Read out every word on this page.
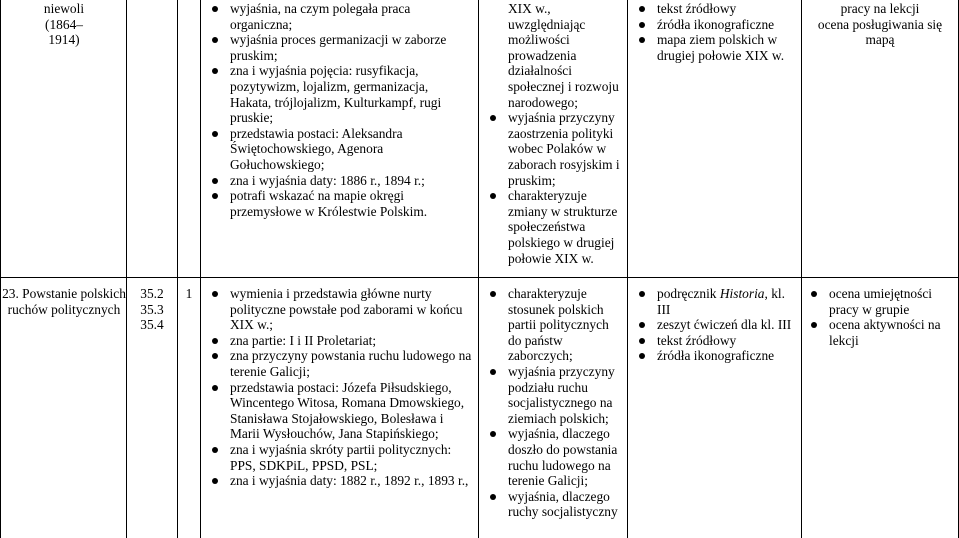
niewoli

(1864–

1914)

wyjaśnia, na czym polegała praca organiczna;
wyjaśnia proces germanizacji w zaborze pruskim;
zna i wyjaśnia pojęcia: rusyfikacja, pozytywizm, lojalizm, germanizacja, Hakata, trójlojalizm, Kulturkampf, rugi pruskie;
przedstawia postaci: Aleksandra Świętochowskiego, Agenora Gołuchowskiego;
zna i wyjaśnia daty: 1886 r., 1894 r.;
potrafi wskazać na mapie okręgi przemysłowe w Królestwie Polskim.

XIX w.,

uwzględniając

możliwości

prowadzenia

działalności

społecznej i rozwoju

narodowego;

wyjaśnia przyczyny zaostrzenia polityki wobec Polaków w zaborach rosyjskim i pruskim;
charakteryzuje zmiany w strukturze społeczeństwa polskiego w drugiej połowie XIX w.
tekst źródłowy
źródła ikonograficzne
mapa ziem polskich w drugiej połowie XIX w.

pracy na lekcji

ocena posługiwania się mapą

23. Powstanie polskich ruchów politycznych

35.2

35.3

35.4

1	wymienia i przedstawia główne nurty polityczne powstałe pod zaborami w końcu XIX w.;
zna partie: I i II Proletariat;
zna przyczyny powstania ruchu ludowego na terenie Galicji;
przedstawia postaci: Józefa Piłsudskiego, Wincentego Witosa, Romana Dmowskiego, Stanisława Stojałowskiego, Bolesława i Marii Wysłouchów, Jana Stapińskiego;
zna i wyjaśnia skróty partii politycznych: PPS, SDKPiL, PPSD, PSL;
zna i wyjaśnia daty: 1882 r., 1892 r., 1893 r.,
charakteryzuje stosunek polskich partii politycznych do państw zaborczych;
wyjaśnia przyczyny podziału ruchu socjalistycznego na ziemiach polskich;
wyjaśnia, dlaczego doszło do powstania ruchu ludowego na terenie Galicji;
wyjaśnia, dlaczego ruchy socjalistyczny
podręcznik Historia, kl. III
zeszyt ćwiczeń dla kl. III
tekst źródłowy
źródła ikonograficzne
ocena umiejętności pracy w grupie
ocena aktywności na lekcji
